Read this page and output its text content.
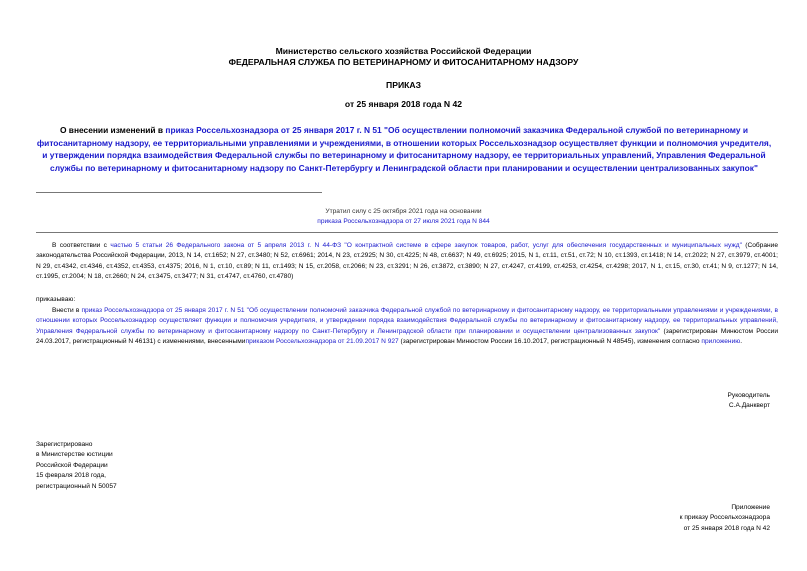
Министерство сельского хозяйства Российской Федерации
ФЕДЕРАЛЬНАЯ СЛУЖБА ПО ВЕТЕРИНАРНОМУ И ФИТОСАНИТАРНОМУ НАДЗОРУ
ПРИКАЗ
от 25 января 2018 года N 42
О внесении изменений в приказ Россельхознадзора от 25 января 2017 г. N 51 "Об осуществлении полномочий заказчика Федеральной службой по ветеринарному и фитосанитарному надзору, ее территориальными управлениями и учреждениями, в отношении которых Россельхознадзор осуществляет функции и полномочия учредителя, и утверждении порядка взаимодействия Федеральной службы по ветеринарному и фитосанитарному надзору, ее территориальных управлений, Управления Федеральной службы по ветеринарному и фитосанитарному надзору по Санкт-Петербургу и Ленинградской области при планировании и осуществлении централизованных закупок"
Утратил силу с 25 октября 2021 года на основании
приказа Россельхознадзора от 27 июля 2021 года N 844
В соответствии с частью 5 статьи 26 Федерального закона от 5 апреля 2013 г. N 44-ФЗ "О контрактной системе в сфере закупок товаров, работ, услуг для обеспечения государственных и муниципальных нужд" (Собрание законодательства Российской Федерации, 2013, N 14, ст.1652; N 27, ст.3480; N 52, ст.6961; 2014, N 23, ст.2925; N 30, ст.4225; N 48, ст.6637; N 49, ст.6925; 2015, N 1, ст.11, ст.51, ст.72; N 10, ст.1393, ст.1418; N 14, ст.2022; N 27, ст.3979, ст.4001; N 29, ст.4342, ст.4346, ст.4352, ст.4353, ст.4375; 2016, N 1, ст.10, ст.89; N 11, ст.1493; N 15, ст.2058, ст.2066; N 23, ст.3291; N 26, ст.3872, ст.3890; N 27, ст.4247, ст.4199, ст.4253, ст.4254, ст.4298; 2017, N 1, ст.15, ст.30, ст.41; N 9, ст.1277; N 14, ст.1995, ст.2004; N 18, ст.2660; N 24, ст.3475, ст.3477; N 31, ст.4747, ст.4760, ст.4780)
приказываю:
Внести в приказ Россельхознадзора от 25 января 2017 г. N 51 "Об осуществлении полномочий заказчика Федеральной службой по ветеринарному и фитосанитарному надзору, ее территориальными управлениями и учреждениями, в отношении которых Россельхознадзор осуществляет функции и полномочия учредителя, и утверждении порядка взаимодействия Федеральной службы по ветеринарному и фитосанитарному надзору, ее территориальных управлений, Управления Федеральной службы по ветеринарному и фитосанитарному надзору по Санкт-Петербургу и Ленинградской области при планировании и осуществлении централизованных закупок" (зарегистрирован Минюстом России 24.03.2017, регистрационный N 46131) с изменениями, внесеннымиприказом Россельхознадзора от 21.09.2017 N 927 (зарегистрирован Минюстом России 16.10.2017, регистрационный N 48545), изменения согласно приложению.

Руководитель

С.А.Данкверт

Зарегистрировано

в Министерстве юстиции

Российской Федерации

15 февраля 2018 года,

регистрационный N 50057

Приложение

к приказу Россельхознадзора

от 25 января 2018 года N 42
